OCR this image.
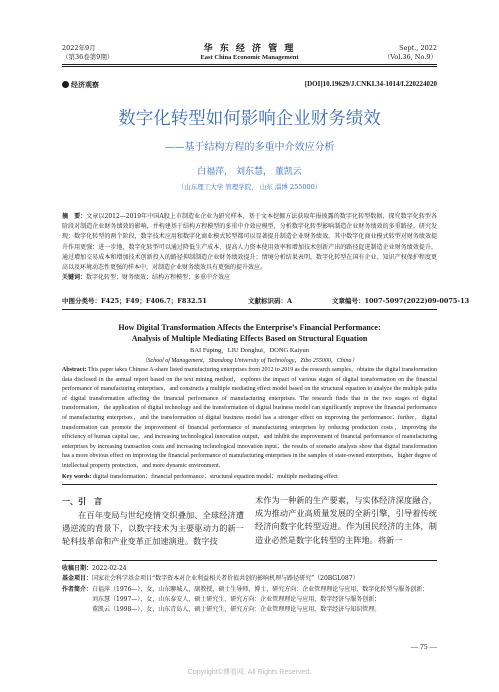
2022年9月
（第36卷第9期）
华 东 经 济 管 理
East China Economic Management
Sept., 2022
（Vol.36, No.9）
经济观察	[DOI]10.19629/J.CNKI.34-1014/f.220224020
数字化转型如何影响企业财务绩效
——基于结构方程的多重中介效应分析
白福萍， 刘东慧， 董凯云
（山东理工大学 管理学院， 山东 淄博 255000）
摘　要：文章以2012—2019年中国A股上市制造业企业为研究样本，基于文本挖掘方法获取年报披露的数字化转型数据，探究数字化转型各阶段对制造企业财务绩效的影响，并构建基于结构方程模型的多重中介效应模型，分析数字化转型影响制造企业财务绩效的多重路径。研究发现：数字化转型的两个阶段，数字技术应用和数字化商业模式转型都可以显著提升制造企业财务绩效，其中数字化商业模式转型对财务绩效提升作用更强；进一步地，数字化转型可以通过降低生产成本、提高人力资本使用效率和增加技术创新产出的路径促进制造企业财务绩效提升，通过增加交易成本和增加技术创新投入的路径抑制制造企业财务绩效提升；情境分析结果表明，数字化转型在国有企业、知识产权保护程度更高以及环境动态性更强的样本中，对制造企业财务绩效具有更强的提升效应。
关键词：数字化转型；财务绩效；结构方程模型；多重中介效应
中图分类号：F425；F49；F406.7；F832.51	文献标识码：A	文章编号：1007-5097(2022)09-0075-13
How Digital Transformation Affects the Enterprise’s Financial Performance:
Analysis of Multiple Mediating Effects Based on Structural Equation
BAI Fuping，LIU Donghui，DONG Kaiyun
（School of Management，Shandong University of Technology，Zibo 255000，China）
Abstract: This paper takes Chinese A-share listed manufacturing enterprises from 2012 to 2019 as the research samples，obtains the digital transformation data disclosed in the annual report based on the text mining method，explores the impact of various stages of digital transformation on the financial performance of manufacturing enterprises，and constructs a multiple mediating effect model based on the structural equation to analyze the multiple paths of digital transformation affecting the financial performance of manufacturing enterprises. The research finds that in the two stages of digital transformation，the application of digital technology and the transformation of digital business model can significantly improve the financial performance of manufacturing enterprises，and the transformation of digital business model has a stronger effect on improving the performance；further，digital transformation can promote the improvement of financial performance of manufacturing enterprises by reducing production costs，improving the efficiency of human capital use，and increasing technological innovation output，and inhibit the improvement of financial performance of manufacturing enterprises by increasing transaction costs and increasing technological innovation input；the results of scenario analysis show that digital transformation has a more obvious effect on improving the financial performance of manufacturing enterprises in the samples of state-owned enterprises，higher degree of intellectual property protection，and more dynamic environment.
Key words: digital transformation；financial performance；structural equation model；multiple mediating effect
一、引　言
在百年变局与世纪疫情交织叠加、全球经济遭遇逆流的背景下，以数字技术为主要驱动力的新一轮科技革命和产业变革正加速演进。数字技
术作为一种新的生产要素，与实体经济深度融合，成为推动产业高质量发展的全新引擎，引导着传统经济向数字化转型迈进。作为国民经济的主体，制造业必然是数字化转型的主阵地。将新一
收稿日期：2022-02-24
基金项目：国家社会科学基金项目“数字资本对企业利益相关者价值共创的影响机理与路径研究”（20BGL087）
作者简介： 白福萍（1976—），女，山东聊城人，副教授，硕士生导师，博士，研究方向：企业管理理论与应用，数字化转型与服务创新；
刘东慧（1997—），女，山东泰安人，硕士研究生，研究方向：企业管理理论与应用，数字经济与服务创新；
董凯云（1998—），女，山东青岛人，硕士研究生，研究方向：企业管理理论与应用，数字经济与知识管理。
— 75 —
Copyright©博看网. All Rights Reserved.
